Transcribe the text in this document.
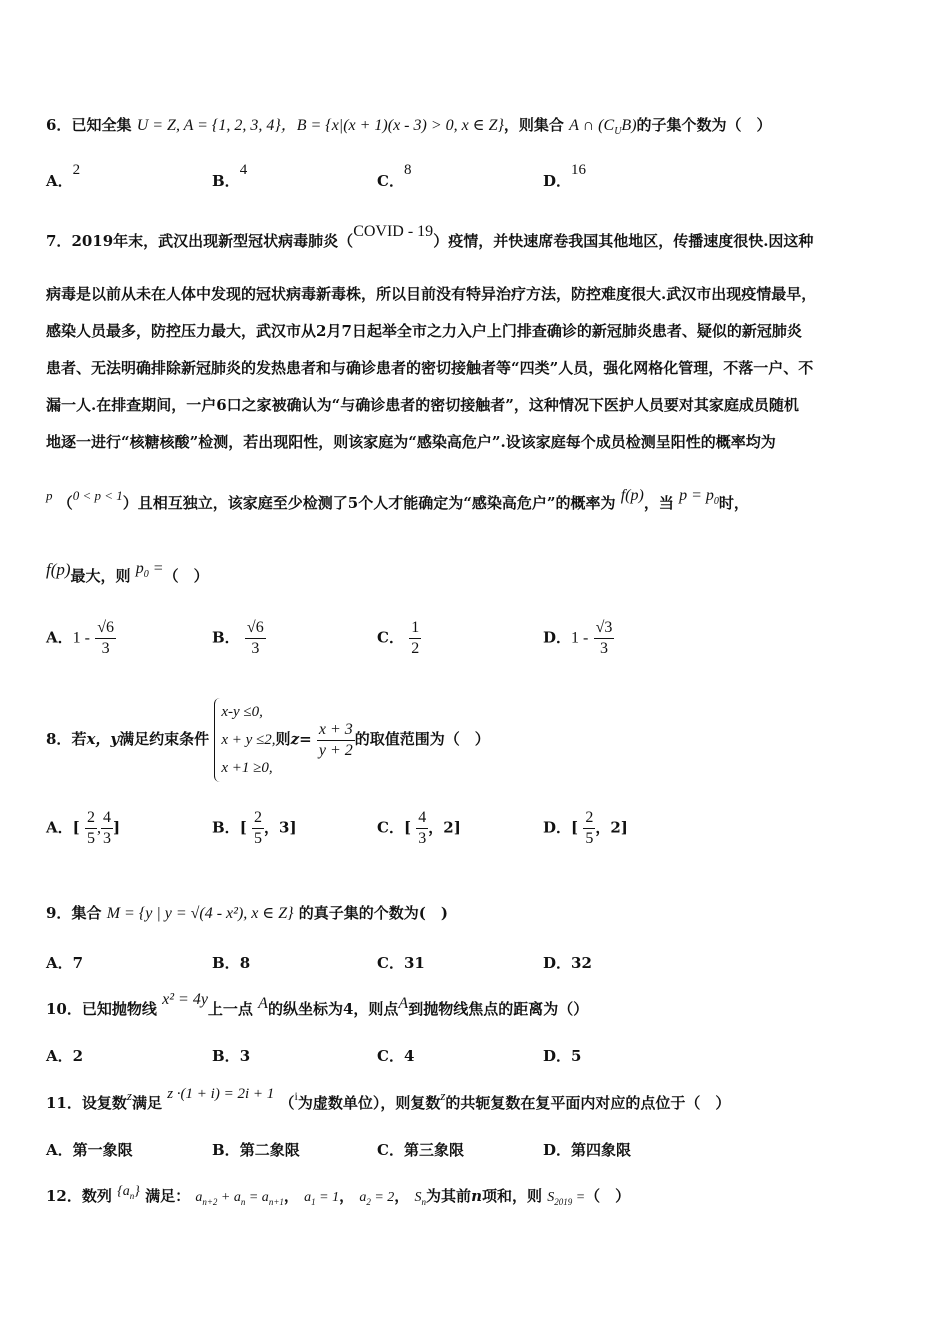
6．已知全集 U = Z, A = {1, 2, 3, 4}，B = {x|(x + 1)(x - 3) > 0, x ∈ Z}，则集合 A ∩ $(C_UB)$的子集个数为（　）
A．2
B．4
C．8
D．16
7．2019年末，武汉出现新型冠状病毒肺炎（COVID - 19）疫情，并快速席卷我国其他地区，传播速度很快.因这种
病毒是以前从未在人体中发现的冠状病毒新毒株，所以目前没有特异治疗方法，防控难度很大.武汉市出现疫情最早，
感染人员最多，防控压力最大，武汉市从2月7日起举全市之力入户上门排查确诊的新冠肺炎患者、疑似的新冠肺炎
患者、无法明确排除新冠肺炎的发热患者和与确诊患者的密切接触者等“四类”人员，强化网格化管理，不落一户、不
漏一人.在排查期间，一户6口之家被确认为“与确诊患者的密切接触者”，这种情况下医护人员要对其家庭成员随机
地逐一进行“核糖核酸”检测，若出现阳性，则该家庭为“感染高危户”.设该家庭每个成员检测呈阳性的概率均为
p （0 < p < 1）且相互独立，该家庭至少检测了5个人才能确定为“感染高危户”的概率为 f(p)，当 $p = p_0$时，
f(p)最大，则 $p_0$ =（　）
A．$1 - \frac{√6}{3}$	B． $\frac{√6}{3}$	C． $\frac{1}{2}$	D．$1 - \frac{√3}{3}$
8．若x，y满足约束条件
x-y ≤0,
x + y ≤2,
x +1 ≥0,
则$z= \frac{x + 3}{y + 2}$ 的取值范围为（　）
A．[ $\frac{2}{5}$ , $\frac{4}{3}$ ]	B．[ $\frac{2}{5}$ ，3]	C．[ $\frac{4}{3}$ ，2]	D．[ $\frac{2}{5}$ ，2]
9．集合 M = {y | y = √(4 - x²), x ∈ Z} 的真子集的个数为(　)
A．7	B．8	C．31	D．32
10．已知抛物线 x² = 4y上一点 A的纵坐标为4，则点A到抛物线焦点的距离为（）
A．2	B．3	C．4	D．5
11．设复数z满足 z ·(1 + i) = 2i + 1 （$^i$为虚数单位），则复数z的共轭复数在复平面内对应的点位于（　）
A．第一象限	B．第二象限	C．第三象限	D．第四象限
12．数列 $\{a_n\}$ 满足： $a_{n+2} + a_n = a_{n+1}$， $a_1 = 1$， $a_2 = 2$， $S_n$为其前n项和，则 $S_{2019}$ =（　）
